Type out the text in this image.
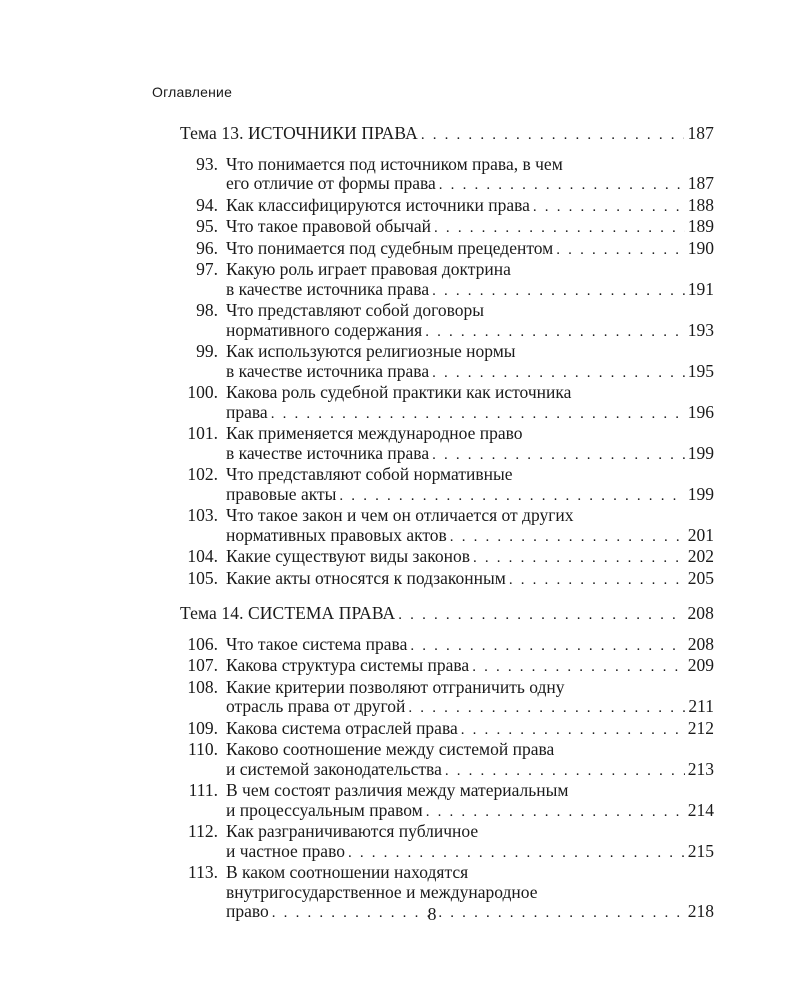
Оглавление
Тема 13. ИСТОЧНИКИ ПРАВА . . .	187
93. Что понимается под источником права, в чем
его отличие от формы права . . .	187
94. Как классифицируются источники права . . .	188
95. Что такое правовой обычай . . .	189
96. Что понимается под судебным прецедентом . . .	190
97. Какую роль играет правовая доктрина
в качестве источника права . . .	191
98. Что представляют собой договоры
нормативного содержания . . .	193
99. Как используются религиозные нормы
в качестве источника права . . .	195
100. Какова роль судебной практики как источника
права . . .	196
101. Как применяется международное право
в качестве источника права . . .	199
102. Что представляют собой нормативные
правовые акты . . .	199
103. Что такое закон и чем он отличается от других
нормативных правовых актов . . .	201
104. Какие существуют виды законов . . .	202
105. Какие акты относятся к подзаконным . . .	205
Тема 14. СИСТЕМА ПРАВА . . .	208
106. Что такое система права . . .	208
107. Какова структура системы права . . .	209
108. Какие критерии позволяют отграничить одну
отрасль права от другой . . .	211
109. Какова система отраслей права . . .	212
110. Каково соотношение между системой права
и системой законодательства . . .	213
111. В чем состоят различия между материальным
и процессуальным правом . . .	214
112. Как разграничиваются публичное
и частное право . . .	215
113. В каком соотношении находятся
внутригосударственное и международное
право . . .	218
8
